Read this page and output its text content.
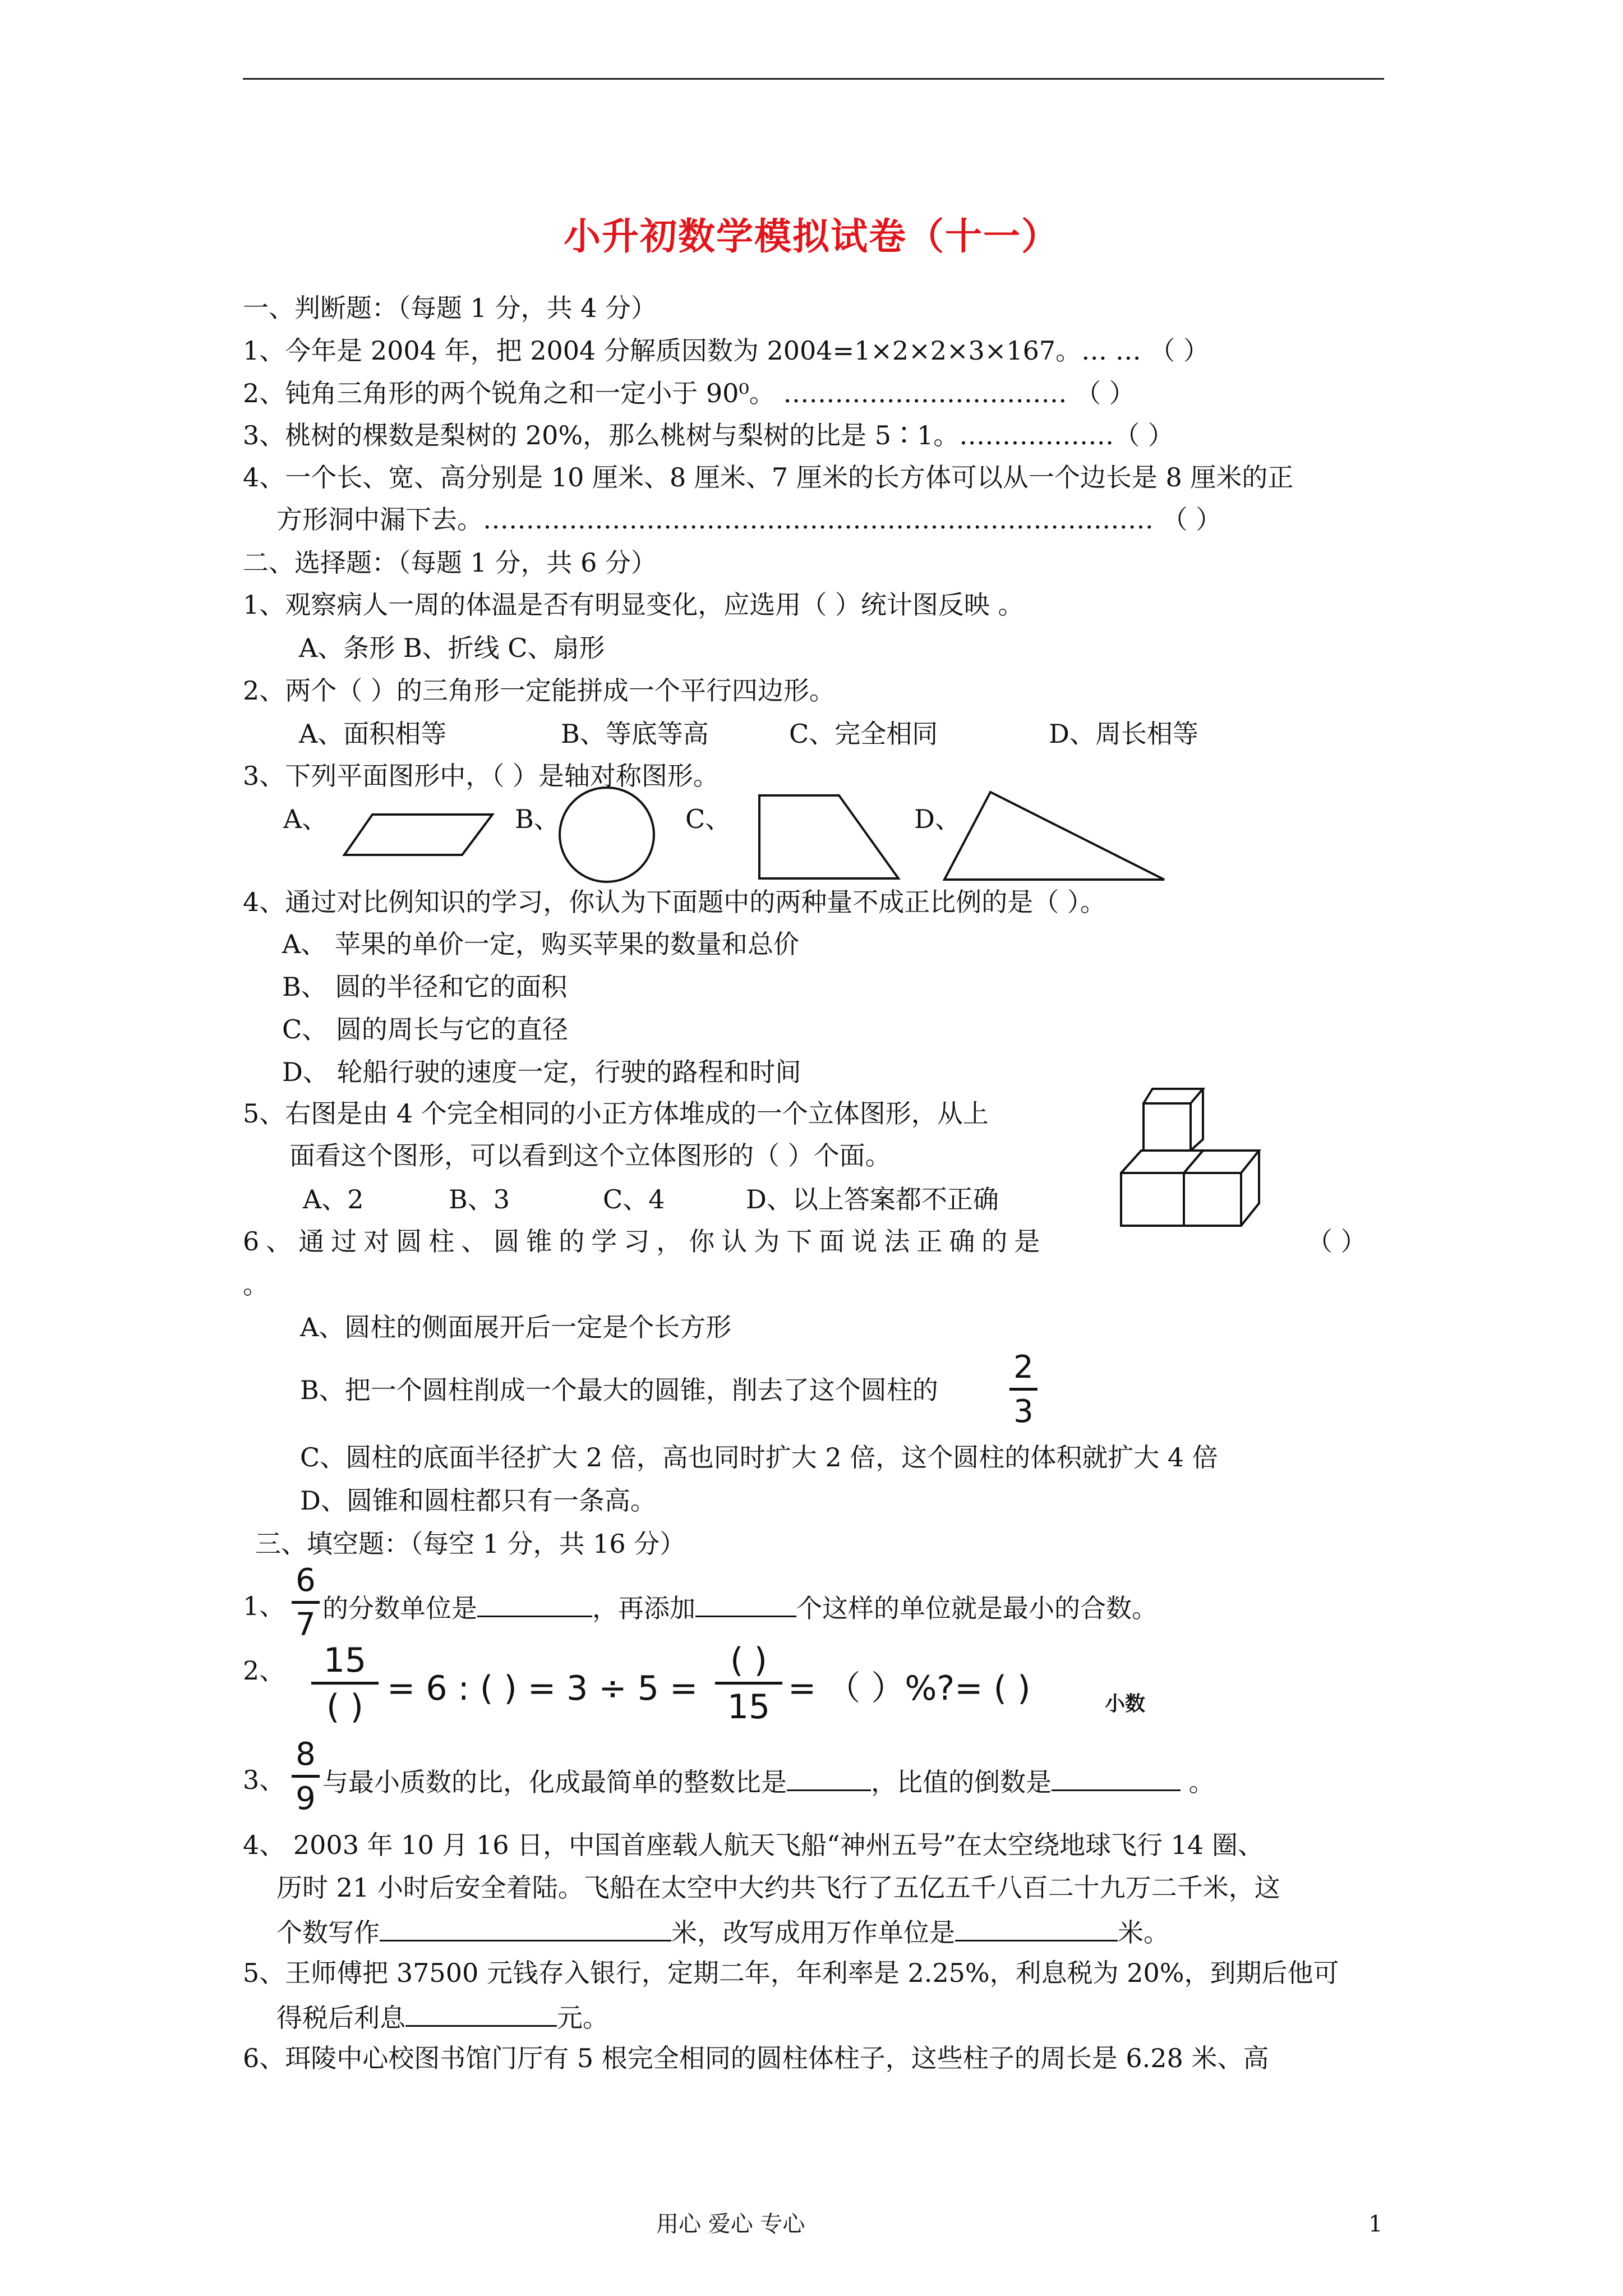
小升初数学模拟试卷（十一）
一、判断题：（每题 1 分，共 4 分）
1、今年是 2004 年，把 2004 分解质因数为 2004=1×2×2×3×167。… … （ ）
2、钝角三角形的两个锐角之和一定小于 90⁰。 …………………………… （ ）
3、桃树的棵数是梨树的 20%，那么桃树与梨树的比是 5∶1。………………（ ）
4、一个长、宽、高分别是 10 厘米、8 厘米、7 厘米的长方体可以从一个边长是 8 厘米的正
方形洞中漏下去。…………………………………………………………………… （ ）
二、选择题：（每题 1 分，共 6 分）
1、观察病人一周的体温是否有明显变化，应选用（ ）统计图反映 。
A、条形 B、折线 C、扇形
2、两个（ ）的三角形一定能拼成一个平行四边形。
A、面积相等	B、等底等高	C、完全相同	D、周长相等
3、下列平面图形中，（ ）是轴对称图形。
A、	B、	C、	D、
4、通过对比例知识的学习，你认为下面题中的两种量不成正比例的是（ ）。
A、 苹果的单价一定，购买苹果的数量和总价
B、 圆的半径和它的面积
C、 圆的周长与它的直径
D、 轮船行驶的速度一定，行驶的路程和时间
5、右图是由 4 个完全相同的小正方体堆成的一个立体图形，从上
面看这个图形，可以看到这个立体图形的（ ）个面。
A、2	B、3	C、4	D、以上答案都不正确
6、通过对圆柱、圆锥的学习，你认为下面说法正确的是	（ ）
。
A、圆柱的侧面展开后一定是个长方形
B、把一个圆柱削成一个最大的圆锥，削去了这个圆柱的
2
3
C、圆柱的底面半径扩大 2 倍，高也同时扩大 2 倍，这个圆柱的体积就扩大 4 倍
D、圆锥和圆柱都只有一条高。
三、填空题：（每空 1 分，共 16 分）
1、
6
7 的分数单位是	，再添加	个这样的单位就是最小的合数。
2、	15
( ) = 6 : ( ) = 3 ÷ 5 =
( )
15 = （ ）%?= ( )	小数
3、
8
9 与最小质数的比，化成最简单的整数比是	，比值的倒数是	。
4、 2003 年 10 月 16 日，中国首座载人航天飞船“神州五号”在太空绕地球飞行 14 圈、
历时 21 小时后安全着陆。飞船在太空中大约共飞行了五亿五千八百二十九万二千米，这
个数写作	米，改写成用万作单位是	米。
5、王师傅把 37500 元钱存入银行，定期二年，年利率是 2.25%，利息税为 20%，到期后他可
得税后利息	元。
6、珥陵中心校图书馆门厅有 5 根完全相同的圆柱体柱子，这些柱子的周长是 6.28 米、高
用心 爱心 专心	1
